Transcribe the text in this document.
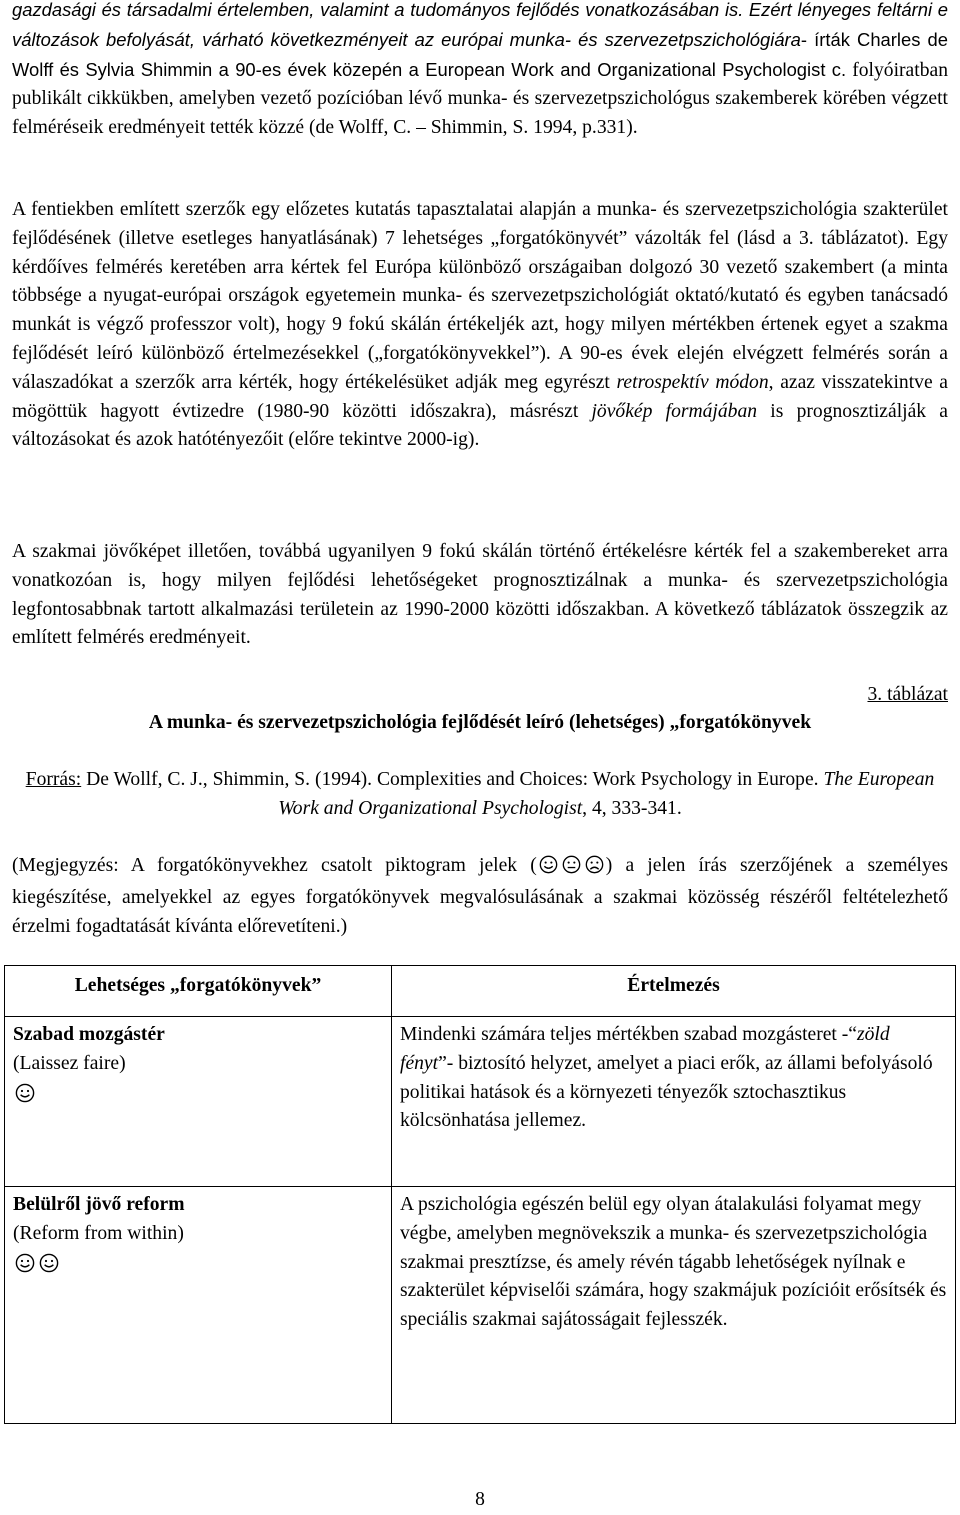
gazdasági és társadalmi értelemben, valamint a tudományos fejlődés vonatkozásában is. Ezért lényeges feltárni e változások befolyását, várható következményeit az európai munka- és szervezetpszichológiára- írták Charles de Wolff és Sylvia Shimmin a 90-es évek közepén a European Work and Organizational Psychologist c. folyóiratban publikált cikkükben, amelyben vezető pozícióban lévő munka- és szervezetpszichológus szakemberek körében végzett felméréseik eredményeit tették közzé (de Wolff, C. – Shimmin, S. 1994, p.331).

A fentiekben említett szerzők egy előzetes kutatás tapasztalatai alapján a munka- és szervezetpszichológia szakterület fejlődésének (illetve esetleges hanyatlásának) 7 lehetséges „forgatókönyvét” vázolták fel (lásd a 3. táblázatot). Egy kérdőíves felmérés keretében arra kértek fel Európa különböző országaiban dolgozó 30 vezető szakembert (a minta többsége a nyugat-európai országok egyetemein munka- és szervezetpszichológiát oktató/kutató és egyben tanácsadó munkát is végző professzor volt), hogy 9 fokú skálán értékeljék azt, hogy milyen mértékben értenek egyet a szakma fejlődését leíró különböző értelmezésekkel („forgatókönyvekkel”). A 90-es évek elején elvégzett felmérés során a válaszadókat a szerzők arra kérték, hogy értékelésüket adják meg egyrészt retrospektív módon, azaz visszatekintve a mögöttük hagyott évtizedre (1980-90 közötti időszakra), másrészt jövőkép formájában is prognosztizálják a változásokat és azok hatótényezőit (előre tekintve 2000-ig).

A szakmai jövőképet illetően, továbbá ugyanilyen 9 fokú skálán történő értékelésre kérték fel a szakembereket arra vonatkozóan is, hogy milyen fejlődési lehetőségeket prognosztizálnak a munka- és szervezetpszichológia legfontosabbnak tartott alkalmazási területein az 1990-2000 közötti időszakban. A következő táblázatok összegzik az említett felmérés eredményeit.

3. táblázat

A munka- és szervezetpszichológia fejlődését leíró (lehetséges) „forgatókönyvek

Forrás: De Wollf, C. J., Shimmin, S. (1994). Complexities and Choices: Work Psychology in Europe. The European Work and Organizational Psychologist, 4, 333-341.

(Megjegyzés: A forgatókönyvekhez csatolt piktogram jelek (	) a jelen írás szerzőjének a személyes kiegészítése, amelyekkel az egyes forgatókönyvek megvalósulásának a szakmai közösség részéről feltételezhető érzelmi fogadtatását kívánta előrevetíteni.)

Lehetséges „forgatókönyvek”	Értelmezés

Szabad mozgástér
(Laissez faire)	Mindenki számára teljes mértékben szabad mozgásteret -“zöld fényt”- biztosító helyzet, amelyet a piaci erők, az állami befolyásoló politikai hatások és a környezeti tényezők sztochasztikus kölcsönhatása jellemez.

Belülről jövő reform
(Reform from within)	A pszichológia egészén belül egy olyan átalakulási folyamat megy végbe, amelyben megnövekszik a munka- és szervezetpszichológia szakmai presztízse, és amely révén tágabb lehetőségek nyílnak e szakterület képviselői számára, hogy szakmájuk pozícióit erősítsék és speciális szakmai sajátosságait fejlesszék.

8
